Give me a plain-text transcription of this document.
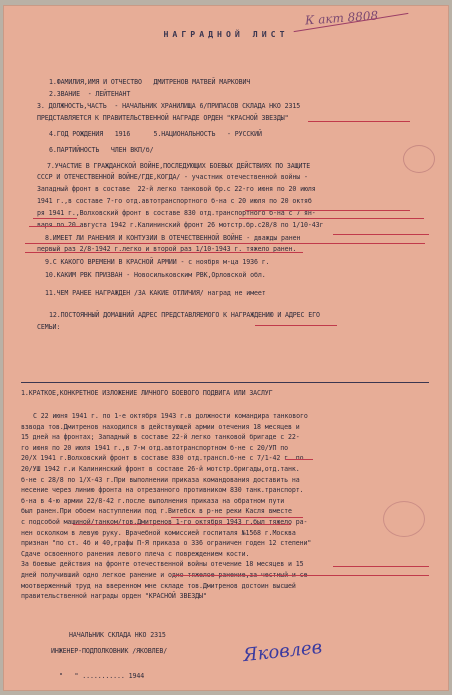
К акт 8808
НАГРАДНОЙ ЛИСТ
1.ФАМИЛИЯ,ИМЯ И ОТЧЕСТВО   ДМИТРЕНОВ МАТВЕЙ МАРКОВИЧ
2.ЗВАНИЕ  - ЛЕЙТЕНАНТ
3. ДОЛЖНОСТЬ,ЧАСТЬ  - НАЧАЛЬНИК ХРАНИЛИЩА 6/ПРИПАСОВ СКЛАДА НКО 2315
ПРЕДСТАВЛЯЕТСЯ К ПРАВИТЕЛЬСТВЕННОЙ НАГРАДЕ ОРДЕН "КРАСНОЙ ЗВЕЗДЫ"
4.ГОД РОЖДЕНИЯ   1916      5.НАЦИОНАЛЬНОСТЬ   - РУССКИЙ
6.ПАРТИЙНОСТЬ   ЧЛЕН ВКП/б/
7.УЧАСТИЕ В ГРАЖДАНСКОЙ ВОЙНЕ,ПОСЛЕДУЮЩИХ БОЕВЫХ ДЕЙСТВИЯХ ПО ЗАЩИТЕ
СССР И ОТЕЧЕСТВЕННОЙ ВОЙНЕ/ГДЕ,КОГДА/ - участник отечественной войны -
Западный фронт в составе  22-й легко танковой бр.с 22-го июня по 20 июля
1941 г.,в составе 7-го отд.автотранспортного б-на с 20 июля по 20 октяб
ря 1941 г.,Волховский фронт в составе 830 отд.транспортного б-на с 7 ян-
варя по 20 августа 1942 г.Калининский фронт 26 мотстр.бр.с28/8 по 1/10-43г
8.ИМЕЕТ ЛИ РАНЕНИЯ И КОНТУЗИИ В ОТЕЧЕСТВЕННОЙ ВОЙНЕ - дважды ранен
первый раз 2/8-1942 г.легко и второй раз 1/10-1943 г. тяжело ранен.
9.С КАКОГО ВРЕМЕНИ В КРАСНОЙ АРМИИ - с ноября м-ца 1936 г.
10.КАКИМ РВК ПРИЗВАН - Новосильковским РВК,Орловской обл.
11.ЧЕМ РАНЕЕ НАГРАЖДЕН /ЗА КАКИЕ ОТЛИЧИЯ/ наград не имеет
12.ПОСТОЯННЫЙ ДОМАШНИЙ АДРЕС ПРЕДСТАВЛЯЕМОГО К НАГРАЖДЕНИЮ И АДРЕС ЕГО
СЕМЬИ:
1.КРАТКОЕ,КОНКРЕТНОЕ ИЗЛОЖЕНИЕ ЛИЧНОГО БОЕВОГО ПОДВИГА ИЛИ ЗАСЛУГ
С 22 июня 1941 г. по 1-е октября 1943 г.в должности командира танкового
взвода тов.Дмитренов находился в действующей армии отечения 18 месяцев и
15 дней на фронтах; Западный в составе 22-й легко танковой бригаде с 22-
го июня по 20 июля 1941 г.,в 7-м отд.автотранспортном б-не с 20/УП по
20/Х 1941 г.Волховский фронт в составе 830 отд.трансп.б-не с 7/1-42 г. по
20/УШ 1942 г.и Калининский фронт в составе 26-й мотстр.бригады,отд.танк.
б-не с 28/8 по 1/Х-43 г.При выполнении приказа командования доставить на
несение через линию фронта на отрезанного противником 830 танк.транспорт.
б-на в 4-ю армии 22/8-42 г.после выполнения приказа на обратном пути
был ранен.При обоем наступлении под г.Витебск в р-не реки Касля вместе
с подсобой машиной/танком/тов.Дмитренов 1-го октября 1943 г.был тяжело ра-
нен осколком в левую руку. Врачебной комиссией госпиталя №1568 г.Москва
признан "по ст. 4б и 40,графы П-Я приказа о 336 ограничен годен 12 степени"
Сдаче освоенного ранения левого плеча с повреждением кости.
За боевые действия на фронте отечественной войны отечение 18 месяцев и 15
дней получивший одно легкое ранение и одно тяжелое ранение,за честный и сe
моотверженный труд на вверенном мне складе тов.Дмитренов достоин высшей
правительственной награды орден "КРАСНОЙ ЗВЕЗДЫ"
НАЧАЛЬНИК СКЛАДА НКО 2315
ИНЖЕНЕР-ПОДПОЛКОВНИК /ЯКОВЛЕВ/
"   " ........... 1944
Яковлев
